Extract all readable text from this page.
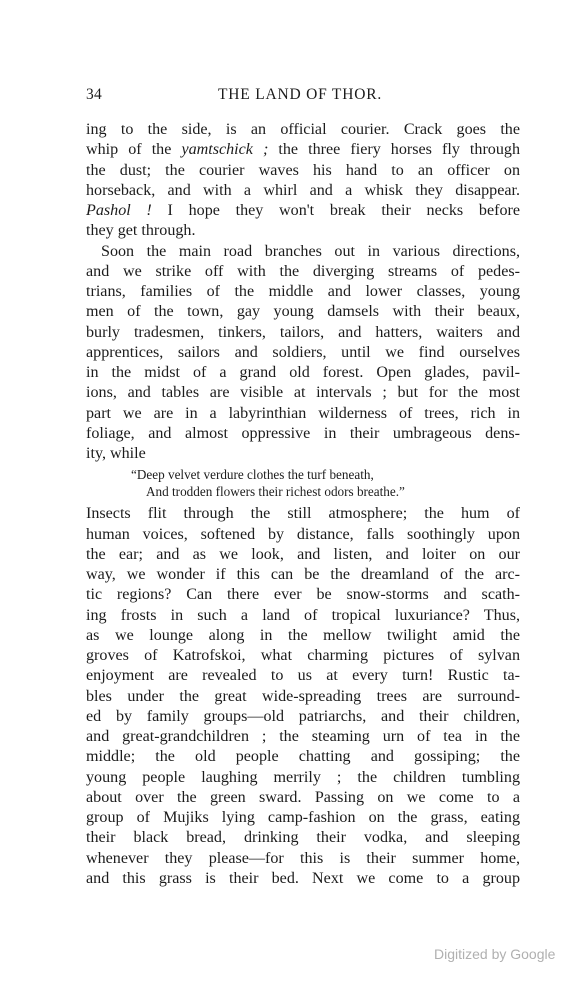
34	THE LAND OF THOR.
ing to the side, is an official courier. Crack goes the
whip of the yamtschick ; the three fiery horses fly through
the dust; the courier waves his hand to an officer on
horseback, and with a whirl and a whisk they disappear.
Pashol ! I hope they won't break their necks before
they get through.
Soon the main road branches out in various directions,
and we strike off with the diverging streams of pedes-
trians, families of the middle and lower classes, young
men of the town, gay young damsels with their beaux,
burly tradesmen, tinkers, tailors, and hatters, waiters and
apprentices, sailors and soldiers, until we find ourselves
in the midst of a grand old forest. Open glades, pavil-
ions, and tables are visible at intervals ; but for the most
part we are in a labyrinthian wilderness of trees, rich in
foliage, and almost oppressive in their umbrageous dens-
ity, while
“Deep velvet verdure clothes the turf beneath,
And trodden flowers their richest odors breathe.”
Insects flit through the still atmosphere; the hum of
human voices, softened by distance, falls soothingly upon
the ear; and as we look, and listen, and loiter on our
way, we wonder if this can be the dreamland of the arc-
tic regions? Can there ever be snow-storms and scath-
ing frosts in such a land of tropical luxuriance? Thus,
as we lounge along in the mellow twilight amid the
groves of Katrofskoi, what charming pictures of sylvan
enjoyment are revealed to us at every turn! Rustic ta-
bles under the great wide-spreading trees are surround-
ed by family groups—old patriarchs, and their children,
and great-grandchildren ; the steaming urn of tea in the
middle; the old people chatting and gossiping; the
young people laughing merrily ; the children tumbling
about over the green sward. Passing on we come to a
group of Mujiks lying camp-fashion on the grass, eating
their black bread, drinking their vodka, and sleeping
whenever they please—for this is their summer home,
and this grass is their bed. Next we come to a group
Digitized by Google
